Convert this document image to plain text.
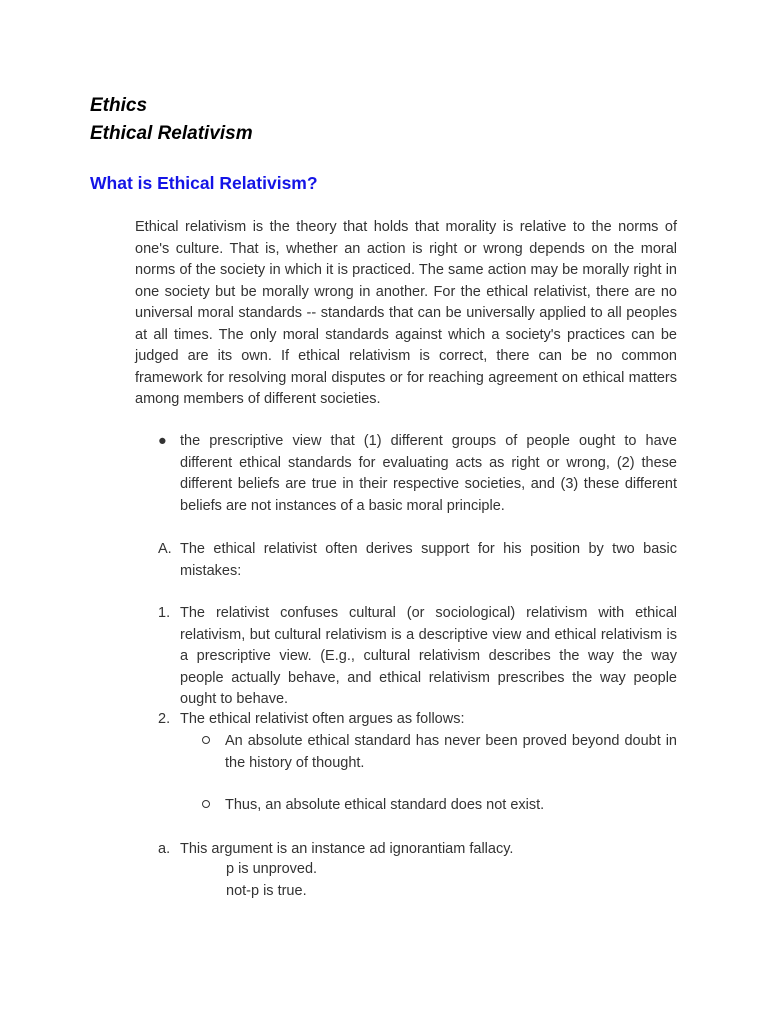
Ethics
Ethical Relativism
What is Ethical Relativism?

Ethical relativism is the theory that holds that morality is relative to the norms of one's culture. That is, whether an action is right or wrong depends on the moral norms of the society in which it is practiced. The same action may be morally right in one society but be morally wrong in another. For the ethical relativist, there are no universal moral standards -- standards that can be universally applied to all peoples at all times. The only moral standards against which a society's practices can be judged are its own. If ethical relativism is correct, there can be no common framework for resolving moral disputes or for reaching agreement on ethical matters among members of different societies.

● the prescriptive view that (1) different groups of people ought to have different ethical standards for evaluating acts as right or wrong, (2) these different beliefs are true in their respective societies, and (3) these different beliefs are not instances of a basic moral principle.
A. The ethical relativist often derives support for his position by two basic mistakes:
1. The relativist confuses cultural (or sociological) relativism with ethical relativism, but cultural relativism is a descriptive view and ethical relativism is a prescriptive view. (E.g., cultural relativism describes the way the way people actually behave, and ethical relativism prescribes the way people ought to behave.
2. The ethical relativist often argues as follows:
An absolute ethical standard has never been proved beyond doubt in the history of thought.
Thus, an absolute ethical standard does not exist.
a. This argument is an instance ad ignorantiam fallacy.

p is unproved.

not-p is true.
